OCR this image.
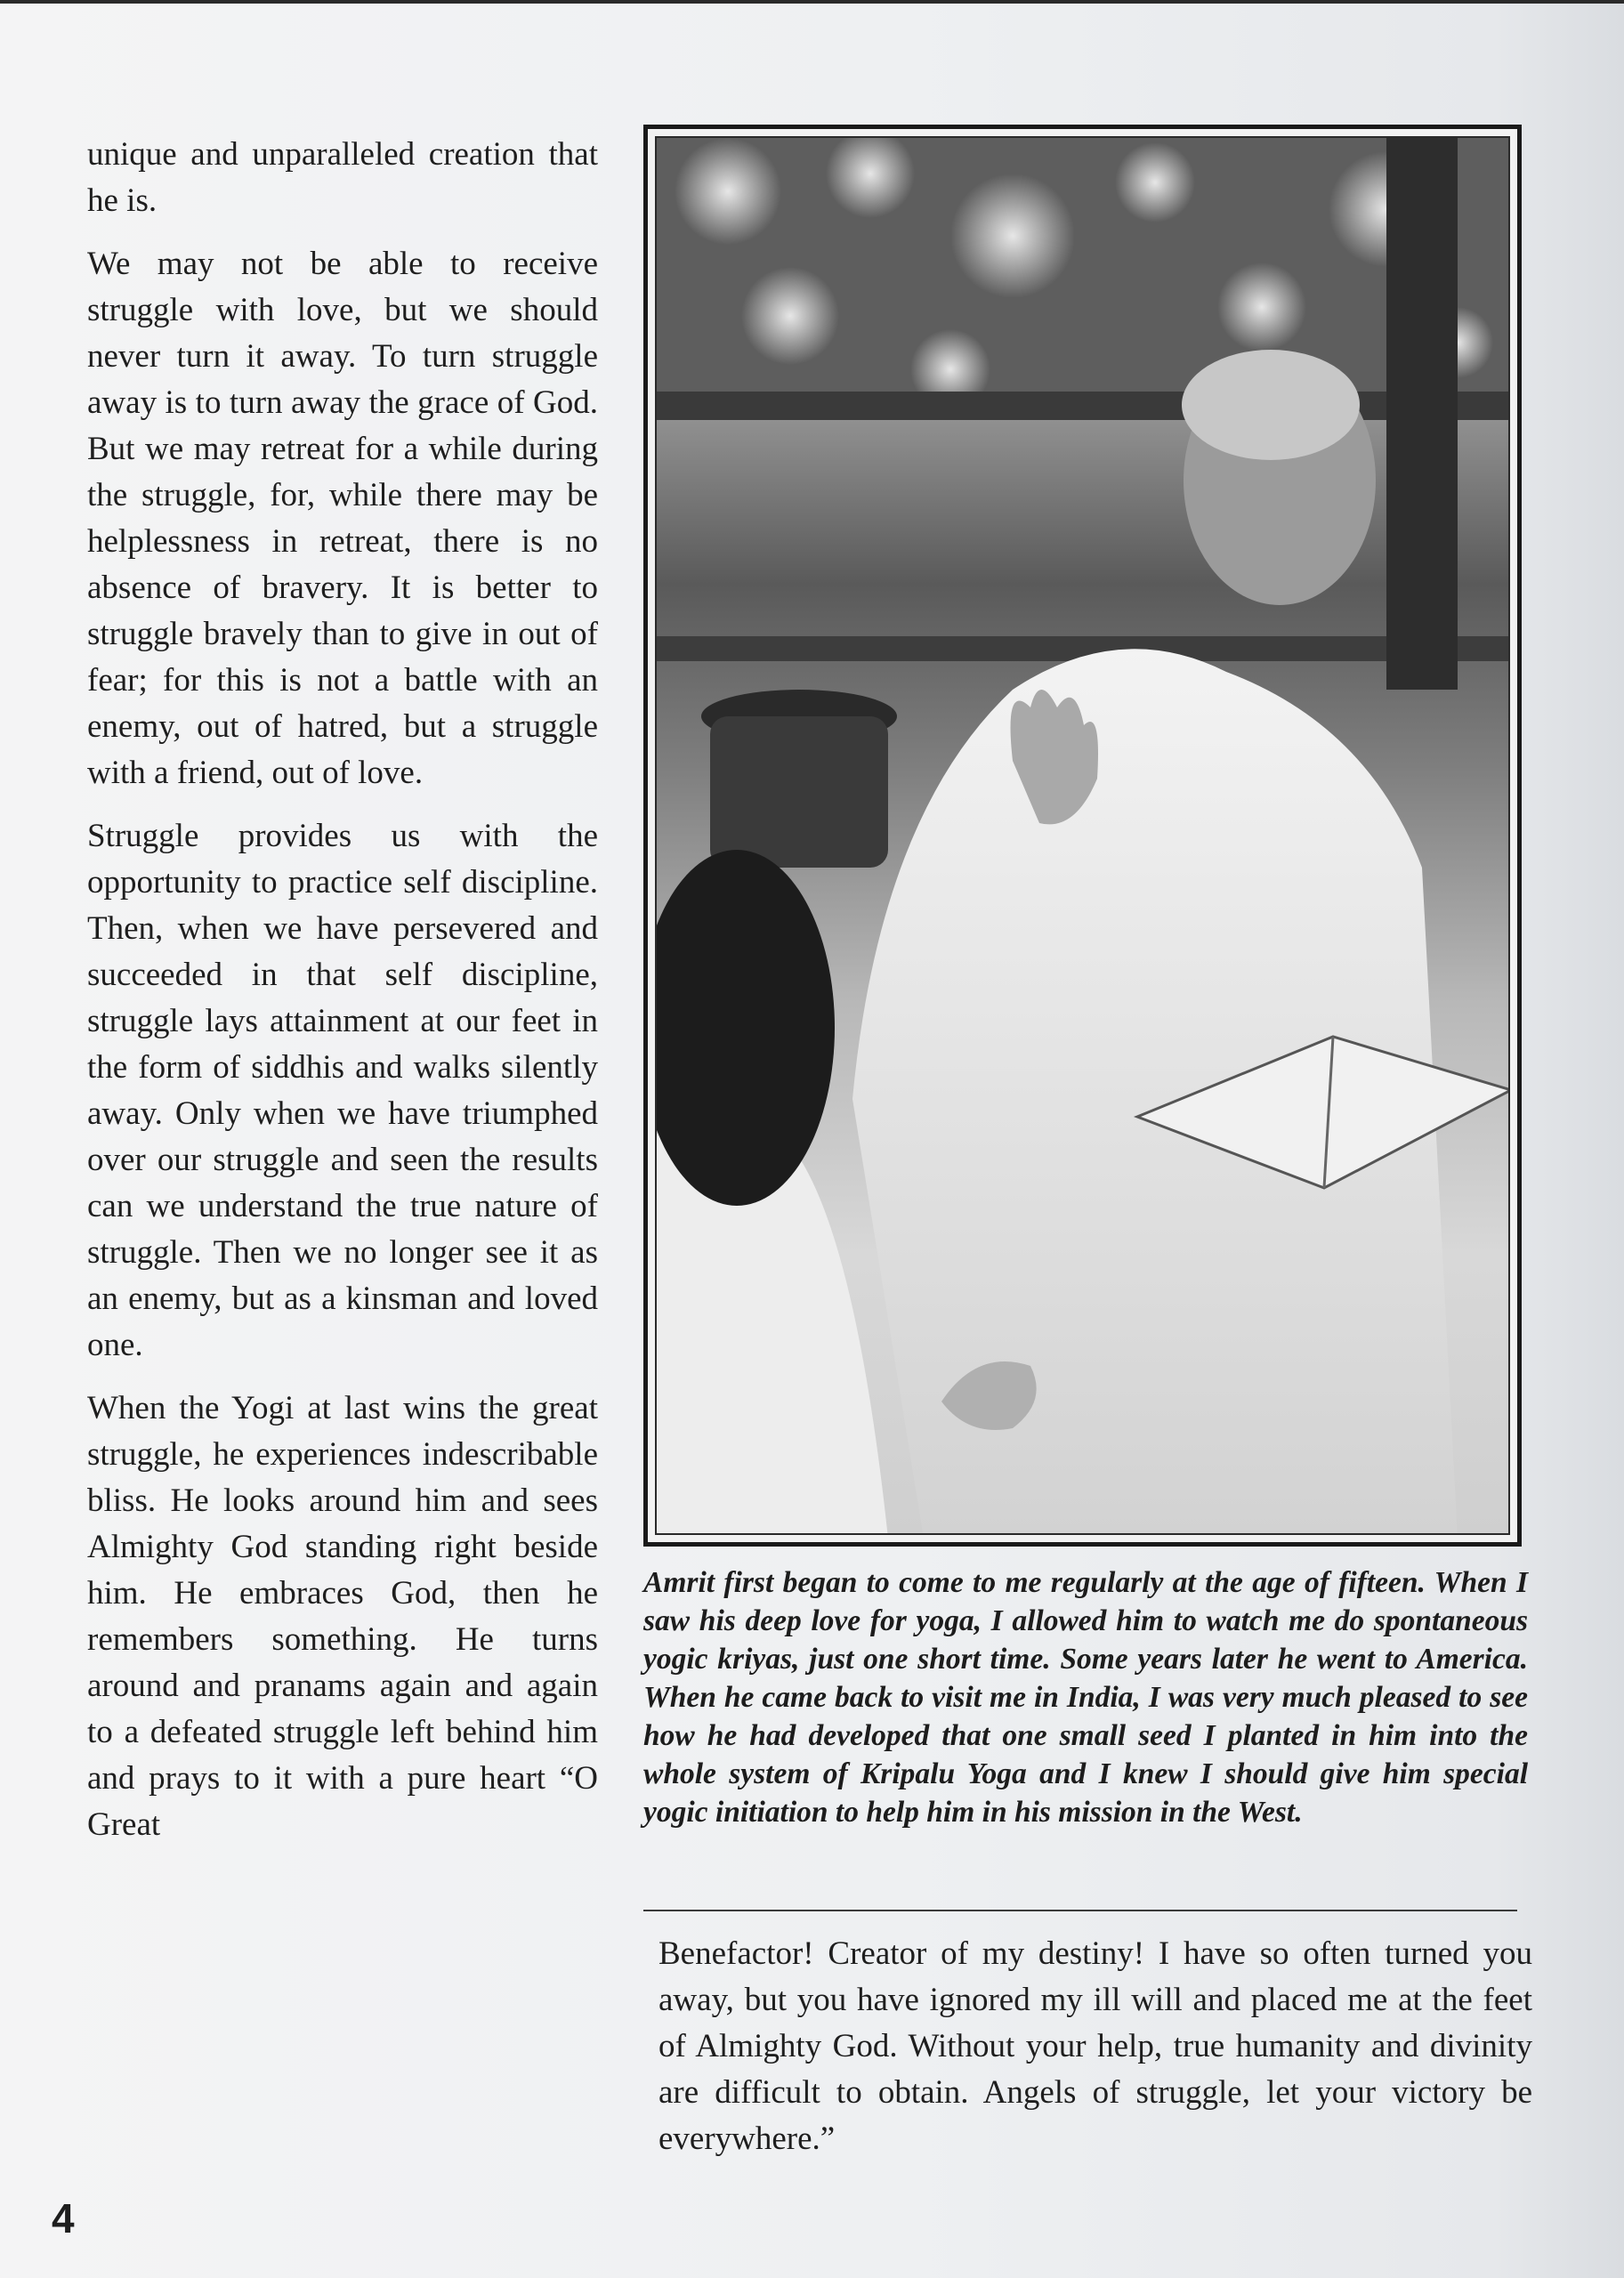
unique and unparalleled creation that he is.

We may not be able to receive struggle with love, but we should never turn it away. To turn struggle away is to turn away the grace of God. But we may retreat for a while during the struggle, for, while there may be helplessness in retreat, there is no absence of bravery. It is better to struggle bravely than to give in out of fear; for this is not a battle with an enemy, out of hatred, but a struggle with a friend, out of love.

Struggle provides us with the opportunity to practice self discipline. Then, when we have persevered and succeeded in that self discipline, struggle lays attainment at our feet in the form of siddhis and walks silently away. Only when we have triumphed over our struggle and seen the results can we understand the true nature of struggle. Then we no longer see it as an enemy, but as a kinsman and loved one.

When the Yogi at last wins the great struggle, he experiences indescribable bliss. He looks around him and sees Almighty God standing right beside him. He embraces God, then he remembers something. He turns around and pranams again and again to a defeated struggle left behind him and prays to it with a pure heart “O Great

Amrit first began to come to me regularly at the age of fifteen. When I saw his deep love for yoga, I allowed him to watch me do spontaneous yogic kriyas, just one short time. Some years later he went to America. When he came back to visit me in India, I was very much pleased to see how he had developed that one small seed I planted in him into the whole system of Kripalu Yoga and I knew I should give him special yogic initiation to help him in his mission in the West.

Benefactor! Creator of my destiny! I have so often turned you away, but you have ignored my ill will and placed me at the feet of Almighty God. Without your help, true humanity and divinity are difficult to obtain. Angels of struggle, let your victory be everywhere.”

4
